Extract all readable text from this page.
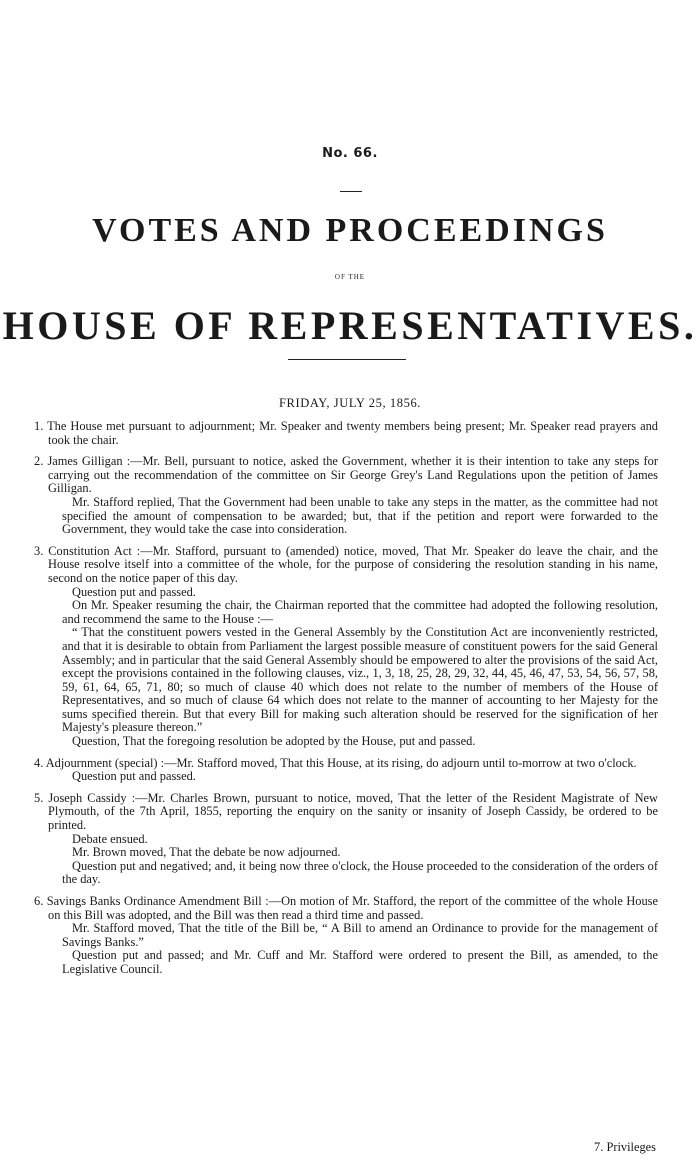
No. 66.
VOTES AND PROCEEDINGS
OF THE
HOUSE OF REPRESENTATIVES.
FRIDAY, JULY 25, 1856.
1. The House met pursuant to adjournment; Mr. Speaker and twenty members being present; Mr. Speaker read prayers and took the chair.
2. James Gilligan :—Mr. Bell, pursuant to notice, asked the Government, whether it is their intention to take any steps for carrying out the recommendation of the committee on Sir George Grey's Land Regulations upon the petition of James Gilligan.
Mr. Stafford replied, That the Government had been unable to take any steps in the matter, as the committee had not specified the amount of compensation to be awarded; but, that if the petition and report were forwarded to the Government, they would take the case into consideration.
3. Constitution Act :—Mr. Stafford, pursuant to (amended) notice, moved, That Mr. Speaker do leave the chair, and the House resolve itself into a committee of the whole, for the purpose of considering the resolution standing in his name, second on the notice paper of this day.
Question put and passed.
On Mr. Speaker resuming the chair, the Chairman reported that the committee had adopted the following resolution, and recommend the same to the House :—
“ That the constituent powers vested in the General Assembly by the Constitution Act are inconveniently restricted, and that it is desirable to obtain from Parliament the largest possible measure of constituent powers for the said General Assembly; and in particular that the said General Assembly should be empowered to alter the provisions of the said Act, except the provisions contained in the following clauses, viz., 1, 3, 18, 25, 28, 29, 32, 44, 45, 46, 47, 53, 54, 56, 57, 58, 59, 61, 64, 65, 71, 80; so much of clause 40 which does not relate to the number of members of the House of Representatives, and so much of clause 64 which does not relate to the manner of accounting to her Majesty for the sums specified therein. But that every Bill for making such alteration should be reserved for the signification of her Majesty's pleasure thereon.”
Question, That the foregoing resolution be adopted by the House, put and passed.
4. Adjournment (special) :—Mr. Stafford moved, That this House, at its rising, do adjourn until to-morrow at two o'clock.
Question put and passed.
5. Joseph Cassidy :—Mr. Charles Brown, pursuant to notice, moved, That the letter of the Resident Magistrate of New Plymouth, of the 7th April, 1855, reporting the enquiry on the sanity or insanity of Joseph Cassidy, be ordered to be printed.
Debate ensued.
Mr. Brown moved, That the debate be now adjourned.
Question put and negatived; and, it being now three o'clock, the House proceeded to the consideration of the orders of the day.
6. Savings Banks Ordinance Amendment Bill :—On motion of Mr. Stafford, the report of the committee of the whole House on this Bill was adopted, and the Bill was then read a third time and passed.
Mr. Stafford moved, That the title of the Bill be, “ A Bill to amend an Ordinance to provide for the management of Savings Banks.”
Question put and passed; and Mr. Cuff and Mr. Stafford were ordered to present the Bill, as amended, to the Legislative Council.
7. Privileges
